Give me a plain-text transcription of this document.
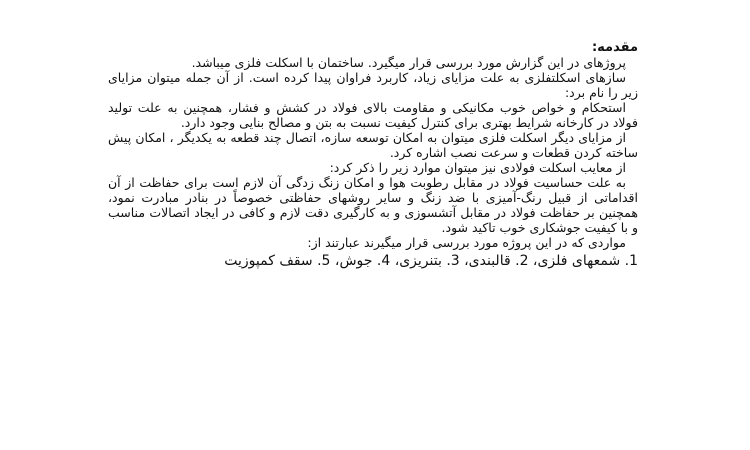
مقدمه:

پروژهای در این گزارش مورد بررسی قرار میگیرد. ساختمان با اسکلت فلزی میباشد.

سازهای اسکلتفلزی به علت مزایای زیاد، کاربرد فراوان پیدا کرده است. از آن جمله میتوان مزایای زیر را نام برد:

استحکام و خواص خوب مکانیکی و مقاومت بالای فولاد در کشش و فشار، همچنین به علت تولید فولاد در کارخانه شرایط بهتری برای کنترل کیفیت نسبت به بتن و مصالح بنایی وجود دارد.

از مزایای دیگر اسکلت فلزی میتوان به امکان توسعه سازه، اتصال چند قطعه به یکدیگر ، امکان پیش ساخته کردن قطعات و سرعت نصب اشاره کرد.

از معایب اسکلت فولادی نیز میتوان موارد زیر را ذکر کرد:

به علت حساسیت فولاد در مقابل رطوبت هوا و امکان زنگ زدگی آن لازم است برای حفاظت از آن اقداماتی از قبیل رنگ-آمیزی با ضد زنگ و سایر روشهای حفاظتی خصوصاً در بنادر مبادرت نمود، همچنین بر حفاظت فولاد در مقابل آتشسوزی و به کارگیری دقت لازم و کافی در ایجاد اتصالات مناسب و با کیفیت جوشکاری خوب تاکید شود.

مواردی که در این پروژه مورد بررسی قرار میگیرند عبارتند از:

1. شمعهای فلزی، 2. قالبندی، 3. بتنریزی، 4. جوش، 5. سقف کمپوزیت
